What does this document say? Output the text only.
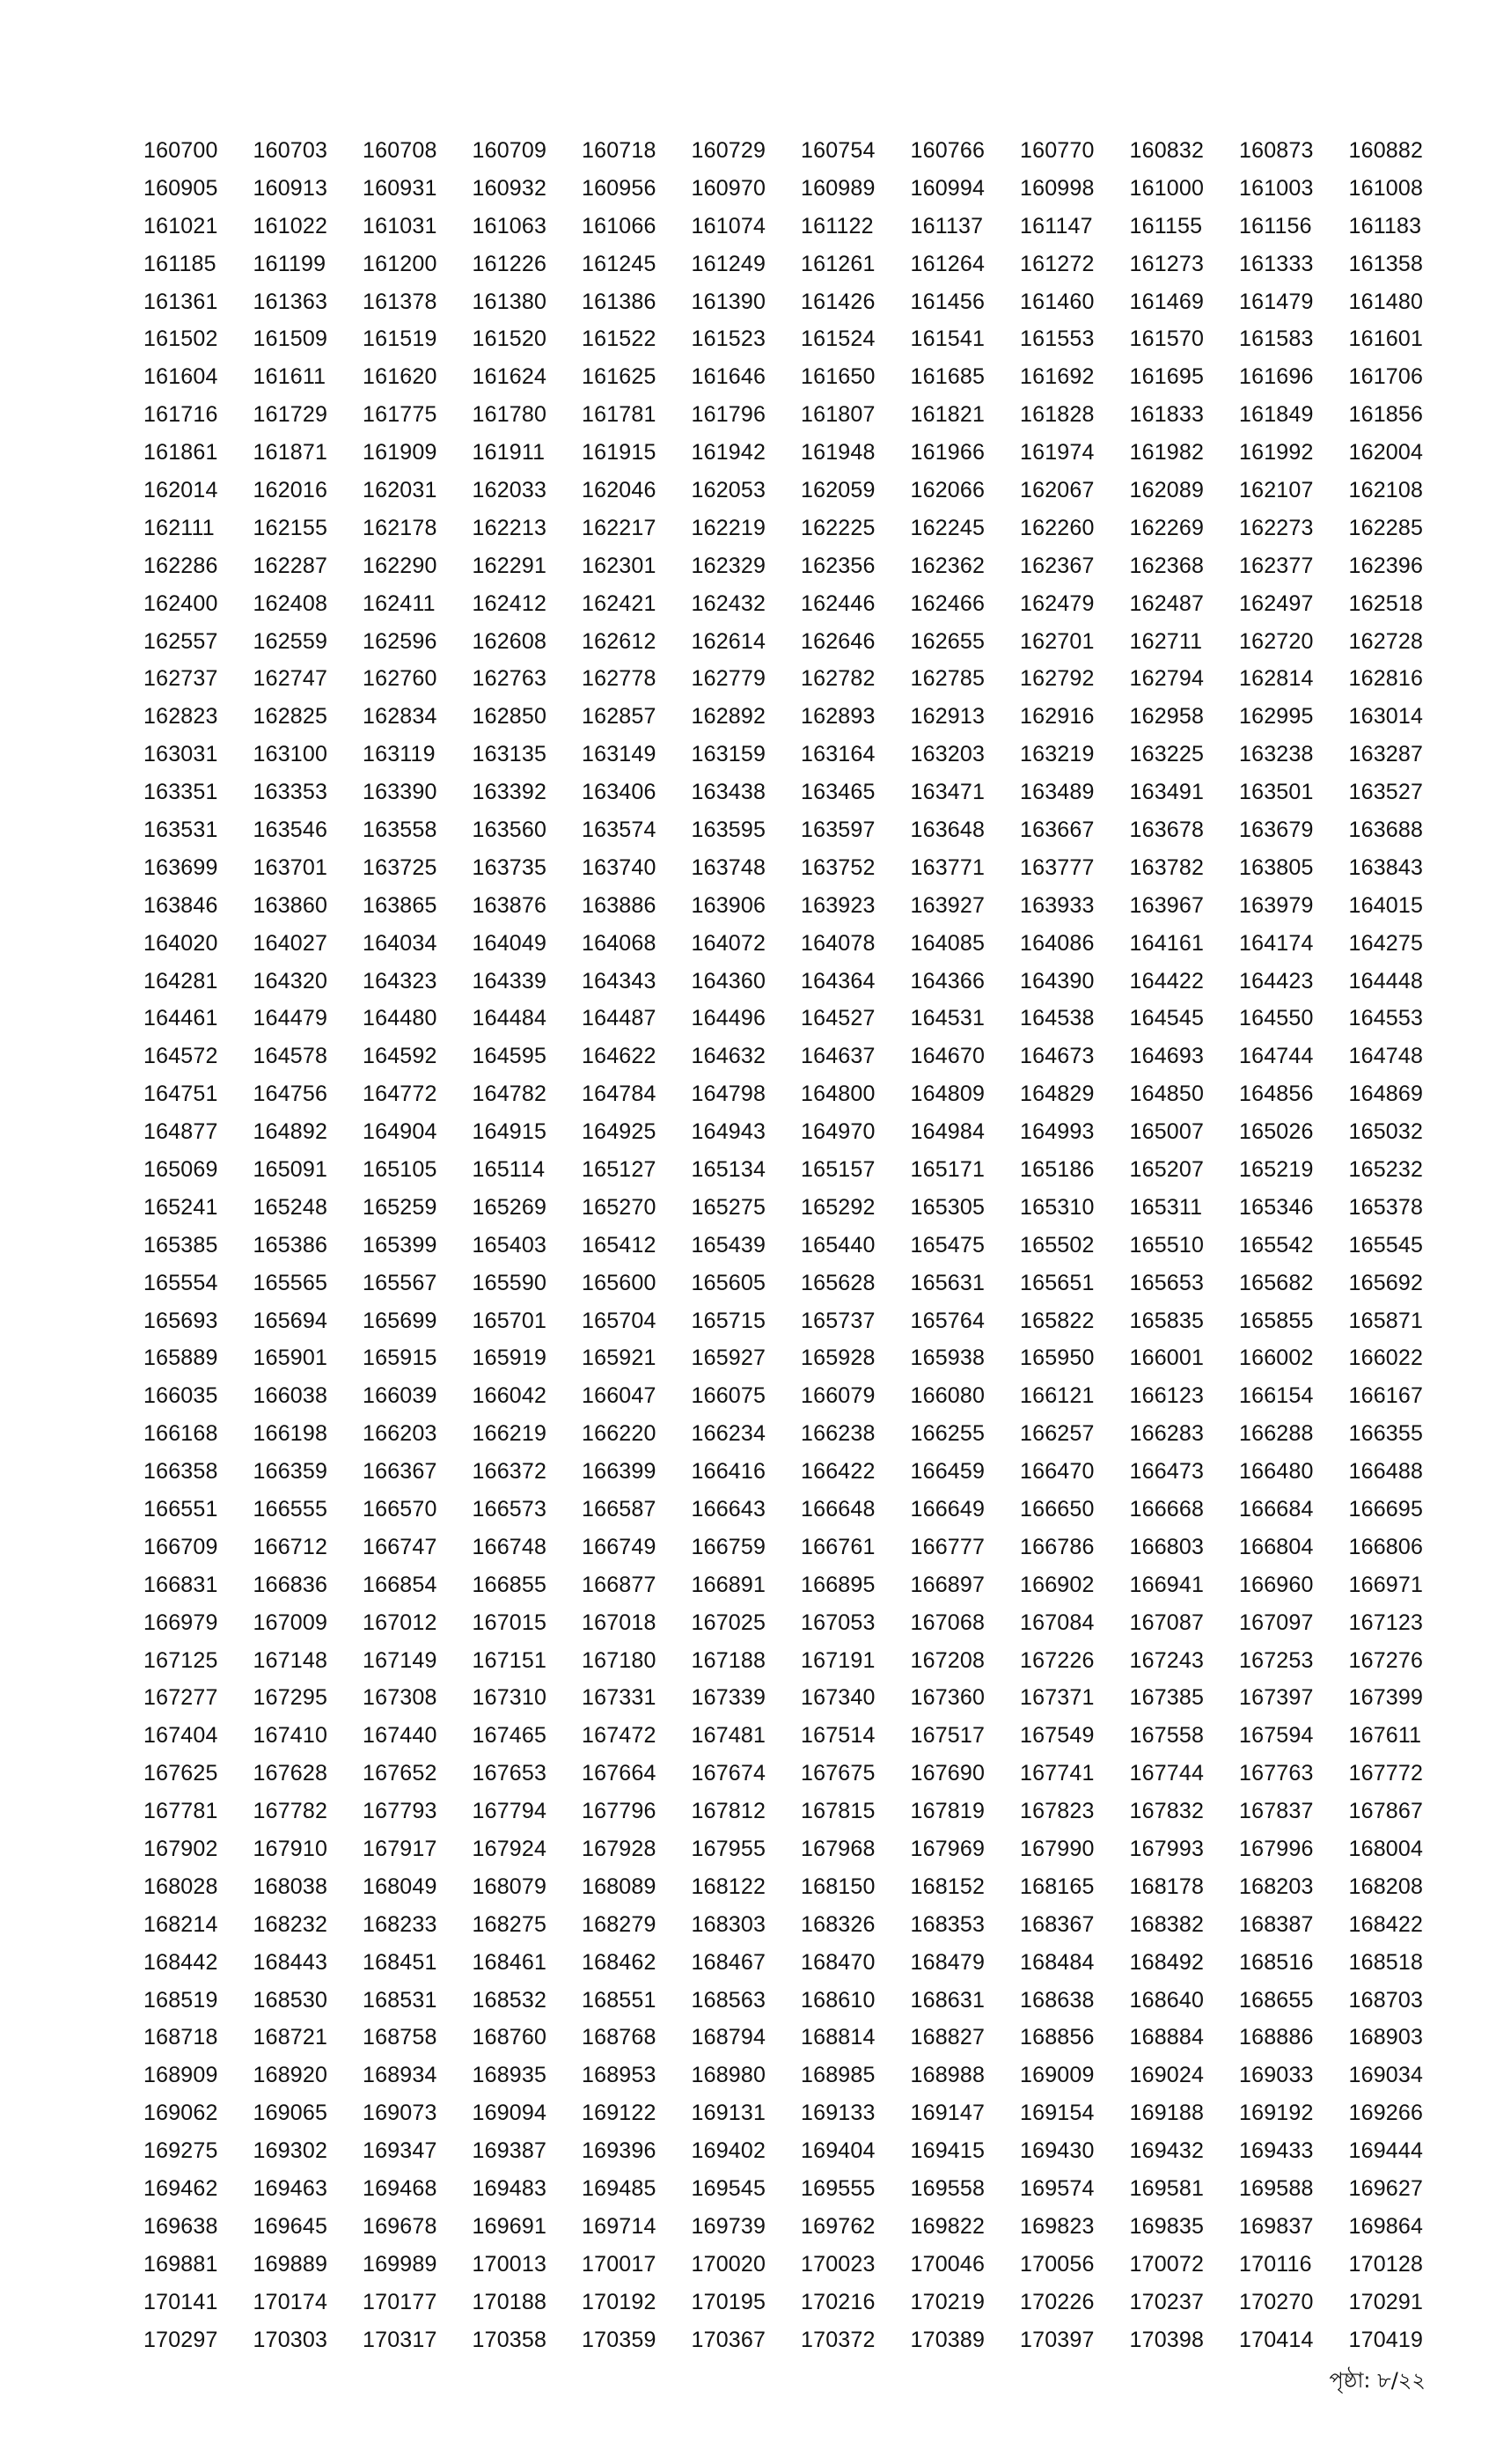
160700	160703	160708	160709	160718	160729	160754	160766	160770	160832	160873	160882
160905	160913	160931	160932	160956	160970	160989	160994	160998	161000	161003	161008
161021	161022	161031	161063	161066	161074	161122	161137	161147	161155	161156	161183
161185	161199	161200	161226	161245	161249	161261	161264	161272	161273	161333	161358
161361	161363	161378	161380	161386	161390	161426	161456	161460	161469	161479	161480
161502	161509	161519	161520	161522	161523	161524	161541	161553	161570	161583	161601
161604	161611	161620	161624	161625	161646	161650	161685	161692	161695	161696	161706
161716	161729	161775	161780	161781	161796	161807	161821	161828	161833	161849	161856
161861	161871	161909	161911	161915	161942	161948	161966	161974	161982	161992	162004
162014	162016	162031	162033	162046	162053	162059	162066	162067	162089	162107	162108
162111	162155	162178	162213	162217	162219	162225	162245	162260	162269	162273	162285
162286	162287	162290	162291	162301	162329	162356	162362	162367	162368	162377	162396
162400	162408	162411	162412	162421	162432	162446	162466	162479	162487	162497	162518
162557	162559	162596	162608	162612	162614	162646	162655	162701	162711	162720	162728
162737	162747	162760	162763	162778	162779	162782	162785	162792	162794	162814	162816
162823	162825	162834	162850	162857	162892	162893	162913	162916	162958	162995	163014
163031	163100	163119	163135	163149	163159	163164	163203	163219	163225	163238	163287
163351	163353	163390	163392	163406	163438	163465	163471	163489	163491	163501	163527
163531	163546	163558	163560	163574	163595	163597	163648	163667	163678	163679	163688
163699	163701	163725	163735	163740	163748	163752	163771	163777	163782	163805	163843
163846	163860	163865	163876	163886	163906	163923	163927	163933	163967	163979	164015
164020	164027	164034	164049	164068	164072	164078	164085	164086	164161	164174	164275
164281	164320	164323	164339	164343	164360	164364	164366	164390	164422	164423	164448
164461	164479	164480	164484	164487	164496	164527	164531	164538	164545	164550	164553
164572	164578	164592	164595	164622	164632	164637	164670	164673	164693	164744	164748
164751	164756	164772	164782	164784	164798	164800	164809	164829	164850	164856	164869
164877	164892	164904	164915	164925	164943	164970	164984	164993	165007	165026	165032
165069	165091	165105	165114	165127	165134	165157	165171	165186	165207	165219	165232
165241	165248	165259	165269	165270	165275	165292	165305	165310	165311	165346	165378
165385	165386	165399	165403	165412	165439	165440	165475	165502	165510	165542	165545
165554	165565	165567	165590	165600	165605	165628	165631	165651	165653	165682	165692
165693	165694	165699	165701	165704	165715	165737	165764	165822	165835	165855	165871
165889	165901	165915	165919	165921	165927	165928	165938	165950	166001	166002	166022
166035	166038	166039	166042	166047	166075	166079	166080	166121	166123	166154	166167
166168	166198	166203	166219	166220	166234	166238	166255	166257	166283	166288	166355
166358	166359	166367	166372	166399	166416	166422	166459	166470	166473	166480	166488
166551	166555	166570	166573	166587	166643	166648	166649	166650	166668	166684	166695
166709	166712	166747	166748	166749	166759	166761	166777	166786	166803	166804	166806
166831	166836	166854	166855	166877	166891	166895	166897	166902	166941	166960	166971
166979	167009	167012	167015	167018	167025	167053	167068	167084	167087	167097	167123
167125	167148	167149	167151	167180	167188	167191	167208	167226	167243	167253	167276
167277	167295	167308	167310	167331	167339	167340	167360	167371	167385	167397	167399
167404	167410	167440	167465	167472	167481	167514	167517	167549	167558	167594	167611
167625	167628	167652	167653	167664	167674	167675	167690	167741	167744	167763	167772
167781	167782	167793	167794	167796	167812	167815	167819	167823	167832	167837	167867
167902	167910	167917	167924	167928	167955	167968	167969	167990	167993	167996	168004
168028	168038	168049	168079	168089	168122	168150	168152	168165	168178	168203	168208
168214	168232	168233	168275	168279	168303	168326	168353	168367	168382	168387	168422
168442	168443	168451	168461	168462	168467	168470	168479	168484	168492	168516	168518
168519	168530	168531	168532	168551	168563	168610	168631	168638	168640	168655	168703
168718	168721	168758	168760	168768	168794	168814	168827	168856	168884	168886	168903
168909	168920	168934	168935	168953	168980	168985	168988	169009	169024	169033	169034
169062	169065	169073	169094	169122	169131	169133	169147	169154	169188	169192	169266
169275	169302	169347	169387	169396	169402	169404	169415	169430	169432	169433	169444
169462	169463	169468	169483	169485	169545	169555	169558	169574	169581	169588	169627
169638	169645	169678	169691	169714	169739	169762	169822	169823	169835	169837	169864
169881	169889	169989	170013	170017	170020	170023	170046	170056	170072	170116	170128
170141	170174	170177	170188	170192	170195	170216	170219	170226	170237	170270	170291
170297	170303	170317	170358	170359	170367	170372	170389	170397	170398	170414	170419
পৃষ্ঠা: ৮/২২
